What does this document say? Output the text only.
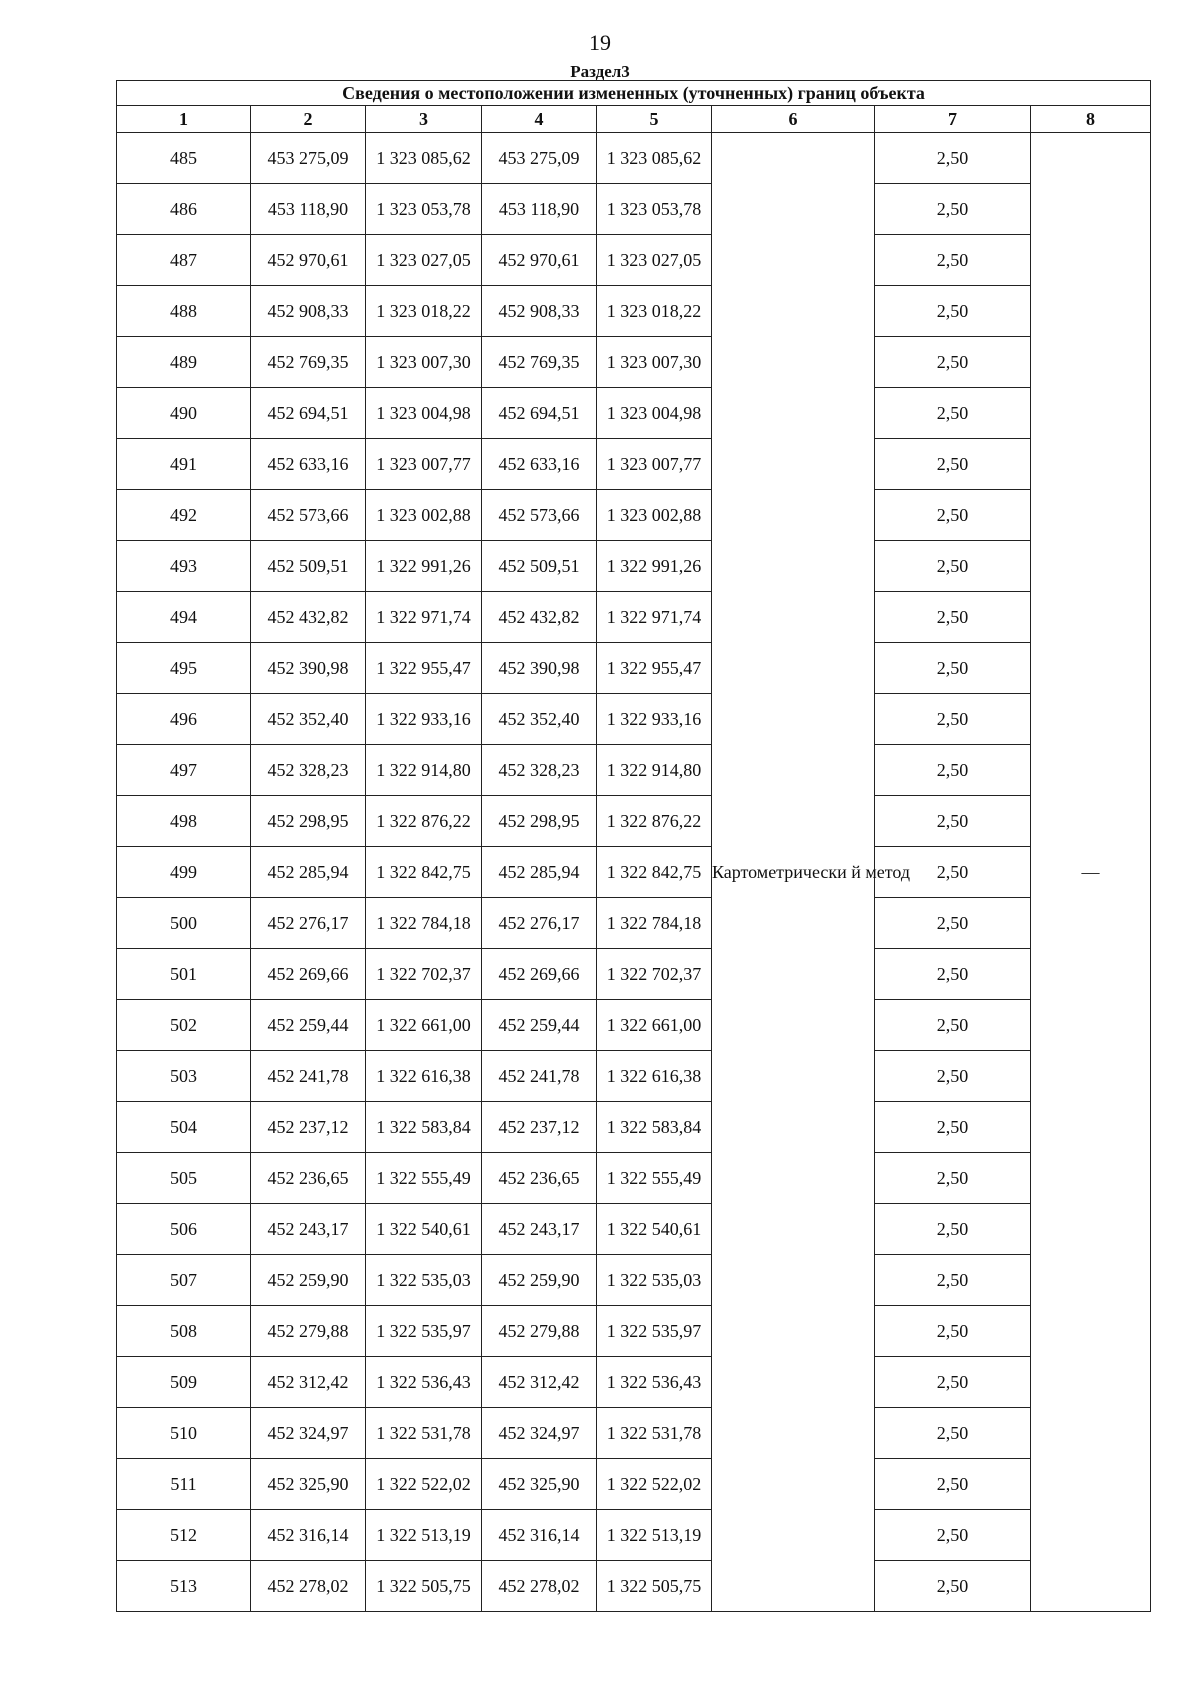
19
Раздел3
Сведения о местоположении измененных (уточненных) границ объекта							
1	2	3	4	5	6	7	8
485	453 275,09	1 323 085,62	453 275,09	1 323 085,62	Картометрически й метод	2,50	—
486	453 118,90	1 323 053,78	453 118,90	1 323 053,78		2,50	
487	452 970,61	1 323 027,05	452 970,61	1 323 027,05		2,50	
488	452 908,33	1 323 018,22	452 908,33	1 323 018,22		2,50	
489	452 769,35	1 323 007,30	452 769,35	1 323 007,30		2,50	
490	452 694,51	1 323 004,98	452 694,51	1 323 004,98		2,50	
491	452 633,16	1 323 007,77	452 633,16	1 323 007,77		2,50	
492	452 573,66	1 323 002,88	452 573,66	1 323 002,88		2,50	
493	452 509,51	1 322 991,26	452 509,51	1 322 991,26		2,50	
494	452 432,82	1 322 971,74	452 432,82	1 322 971,74		2,50	
495	452 390,98	1 322 955,47	452 390,98	1 322 955,47		2,50	
496	452 352,40	1 322 933,16	452 352,40	1 322 933,16		2,50	
497	452 328,23	1 322 914,80	452 328,23	1 322 914,80		2,50	
498	452 298,95	1 322 876,22	452 298,95	1 322 876,22		2,50	
499	452 285,94	1 322 842,75	452 285,94	1 322 842,75		2,50	
500	452 276,17	1 322 784,18	452 276,17	1 322 784,18		2,50	
501	452 269,66	1 322 702,37	452 269,66	1 322 702,37		2,50	
502	452 259,44	1 322 661,00	452 259,44	1 322 661,00		2,50	
503	452 241,78	1 322 616,38	452 241,78	1 322 616,38		2,50	
504	452 237,12	1 322 583,84	452 237,12	1 322 583,84		2,50	
505	452 236,65	1 322 555,49	452 236,65	1 322 555,49		2,50	
506	452 243,17	1 322 540,61	452 243,17	1 322 540,61		2,50	
507	452 259,90	1 322 535,03	452 259,90	1 322 535,03		2,50	
508	452 279,88	1 322 535,97	452 279,88	1 322 535,97		2,50	
509	452 312,42	1 322 536,43	452 312,42	1 322 536,43		2,50	
510	452 324,97	1 322 531,78	452 324,97	1 322 531,78		2,50	
511	452 325,90	1 322 522,02	452 325,90	1 322 522,02		2,50	
512	452 316,14	1 322 513,19	452 316,14	1 322 513,19		2,50	
513	452 278,02	1 322 505,75	452 278,02	1 322 505,75		2,50	
